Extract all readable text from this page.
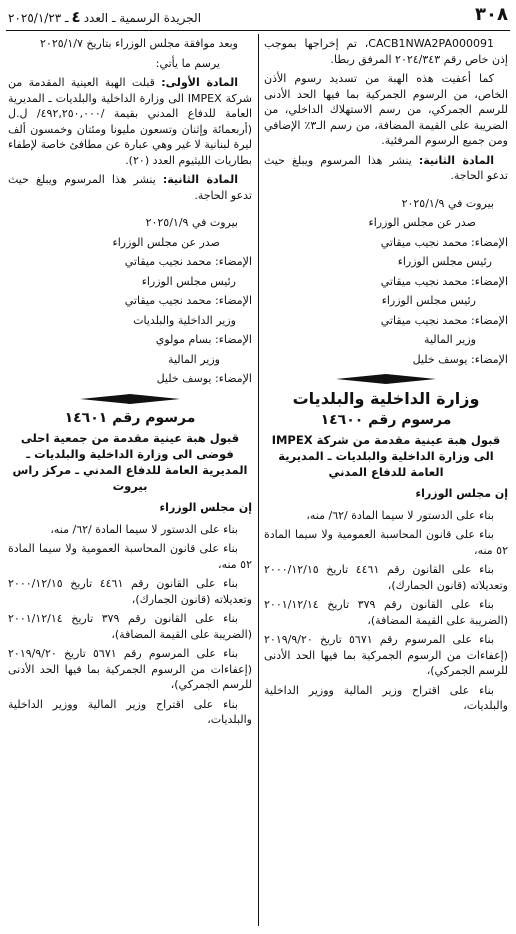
٣٠٨
الجريدة الرسمية ـ العدد٤ـ ٢٠٢٥/١/٢٣

CACB1NWA2PA000091، تم إخراجها بموجب إذن خاص رقم ٢٠٢٤/٣٤٣ المرفق ربطا.

كما أعفيت هذه الهبة من تسديد رسوم الأذن الخاص، من الرسوم الجمركية بما فيها الحد الأدنى للرسم الجمركي، من رسم الاستهلاك الداخلي، من الضريبة على القيمة المضافة، من رسم الـ٣٪ الإضافي ومن جميع الرسوم المرفئية.

المادة الثانية: ينشر هذا المرسوم ويبلغ حيث تدعو الحاجة.

بيروت في ٢٠٢٥/١/٩

صدر عن مجلس الوزراء

الإمضاء: محمد نجيب ميقاتي

رئيس مجلس الوزراء

الإمضاء: محمد نجيب ميقاتي

رئيس مجلس الوزراء

الإمضاء: محمد نجيب ميقاتي

وزير المالية

الإمضاء: يوسف خليل

وزارة الداخلية والبلديات

مرسوم رقم ١٤٦٠٠

قبول هبة عينية مقدمة من شركة IMPEX الى وزارة الداخلية والبلديات ـ المديرية العامة للدفاع المدني

إن مجلس الوزراء

بناء على الدستور لا سيما المادة /٦٢/ منه،

بناء على قانون المحاسبة العمومية ولا سيما المادة ٥٢ منه،

بناء على القانون رقم ٤٤٦١ تاريخ ٢٠٠٠/١٢/١٥ وتعديلاته (قانون الجمارك)،

بناء على القانون رقم ٣٧٩ تاريخ ٢٠٠١/١٢/١٤ (الضريبة على القيمة المضافة)،

بناء على المرسوم رقم ٥٦٧١ تاريخ ٢٠١٩/٩/٢٠ (إعفاءات من الرسوم الجمركية بما فيها الحد الأدنى للرسم الجمركي)،

بناء على اقتراح وزير المالية ووزير الداخلية والبلديات،

وبعد موافقة مجلس الوزراء بتاريخ ٢٠٢٥/١/٧

يرسم ما يأتي:

المادة الأولى: قبلت الهبة العينية المقدمة من شركة IMPEX الى وزارة الداخلية والبلديات ـ المديرية العامة للدفاع المدني بقيمة /٤٩٢,٢٥٠,٠٠٠/ ل.ل (أربعمائة وإثنان وتسعون مليونا ومئتان وخمسون ألف ليرة لبنانية لا غير وهي عبارة عن مطافئ خاصة لإطفاء بطاريات الليثيوم العدد (٢٠).

المادة الثانية: ينشر هذا المرسوم ويبلغ حيث تدعو الحاجة.

بيروت في ٢٠٢٥/١/٩

صدر عن مجلس الوزراء

الإمضاء: محمد نجيب ميقاتي

رئيس مجلس الوزراء

الإمضاء: محمد نجيب ميقاتي

وزير الداخلية والبلديات

الإمضاء: بسام مولوي

وزير المالية

الإمضاء: يوسف خليل

مرسوم رقم ١٤٦٠١

قبول هبة عينية مقدمة من جمعية احلى فوضى الى وزارة الداخلية والبلديات ـ المديرية العامة للدفاع المدني ـ مركز راس بيروت

إن مجلس الوزراء

بناء على الدستور لا سيما المادة /٦٢/ منه،

بناء على قانون المحاسبة العمومية ولا سيما المادة ٥٢ منه،

بناء على القانون رقم ٤٤٦١ تاريخ ٢٠٠٠/١٢/١٥ وتعديلاته (قانون الجمارك)،

بناء على القانون رقم ٣٧٩ تاريخ ٢٠٠١/١٢/١٤ (الضريبة على القيمة المضافة)،

بناء على المرسوم رقم ٥٦٧١ تاريخ ٢٠١٩/٩/٢٠ (إعفاءات من الرسوم الجمركية بما فيها الحد الأدنى للرسم الجمركي)،

بناء على اقتراح وزير المالية ووزير الداخلية والبلديات،
